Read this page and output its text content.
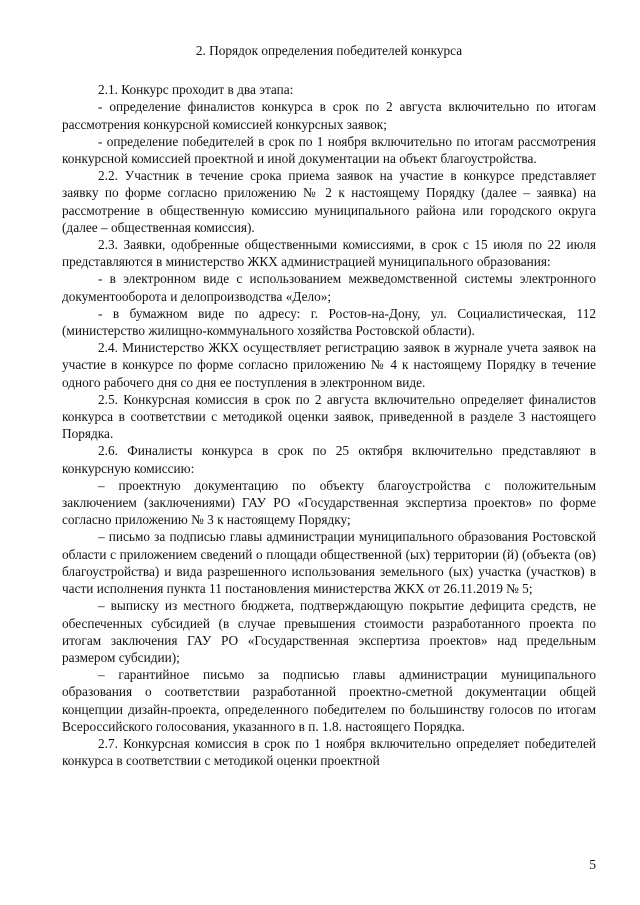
2. Порядок определения победителей конкурса

2.1. Конкурс проходит в два этапа:

- определение финалистов конкурса в срок по 2 августа включительно по итогам рассмотрения конкурсной комиссией конкурсных заявок;

- определение победителей в срок по 1 ноября включительно по итогам рассмотрения конкурсной комиссией проектной и иной документации на объект благоустройства.

2.2. Участник в течение срока приема заявок на участие в конкурсе представляет заявку по форме согласно приложению № 2 к настоящему Порядку (далее – заявка) на рассмотрение в общественную комиссию муниципального района или городского округа (далее – общественная комиссия).

2.3. Заявки, одобренные общественными комиссиями, в срок с 15 июля по 22 июля представляются в министерство ЖКХ администрацией муниципального образования:

- в электронном виде с использованием межведомственной системы электронного документооборота и делопроизводства «Дело»;

- в бумажном виде по адресу: г. Ростов-на-Дону, ул. Социалистическая, 112 (министерство жилищно-коммунального хозяйства Ростовской области).

2.4. Министерство ЖКХ осуществляет регистрацию заявок в журнале учета заявок на участие в конкурсе по форме согласно приложению № 4 к настоящему Порядку в течение одного рабочего дня со дня ее поступления в электронном виде.

2.5. Конкурсная комиссия в срок по 2 августа включительно определяет финалистов конкурса в соответствии с методикой оценки заявок, приведенной в разделе 3 настоящего Порядка.

2.6. Финалисты конкурса в срок по 25 октября включительно представляют в конкурсную комиссию:

– проектную документацию по объекту благоустройства с положительным заключением (заключениями) ГАУ РО «Государственная экспертиза проектов» по форме согласно приложению № 3 к настоящему Порядку;

– письмо за подписью главы администрации муниципального образования Ростовской области с приложением сведений о площади общественной (ых) территории (й) (объекта (ов) благоустройства) и вида разрешенного использования земельного (ых) участка (участков) в части исполнения пункта 11 постановления министерства ЖКХ от 26.11.2019 № 5;

– выписку из местного бюджета, подтверждающую покрытие дефицита средств, не обеспеченных субсидией (в случае превышения стоимости разработанного проекта по итогам заключения ГАУ РО «Государственная экспертиза проектов» над предельным размером субсидии);

– гарантийное письмо за подписью главы администрации муниципального образования о соответствии разработанной проектно-сметной документации общей концепции дизайн-проекта, определенного победителем по большинству голосов по итогам Всероссийского голосования, указанного в п. 1.8. настоящего Порядка.

2.7. Конкурсная комиссия в срок по 1 ноября включительно определяет победителей конкурса в соответствии с методикой оценки проектной

5
